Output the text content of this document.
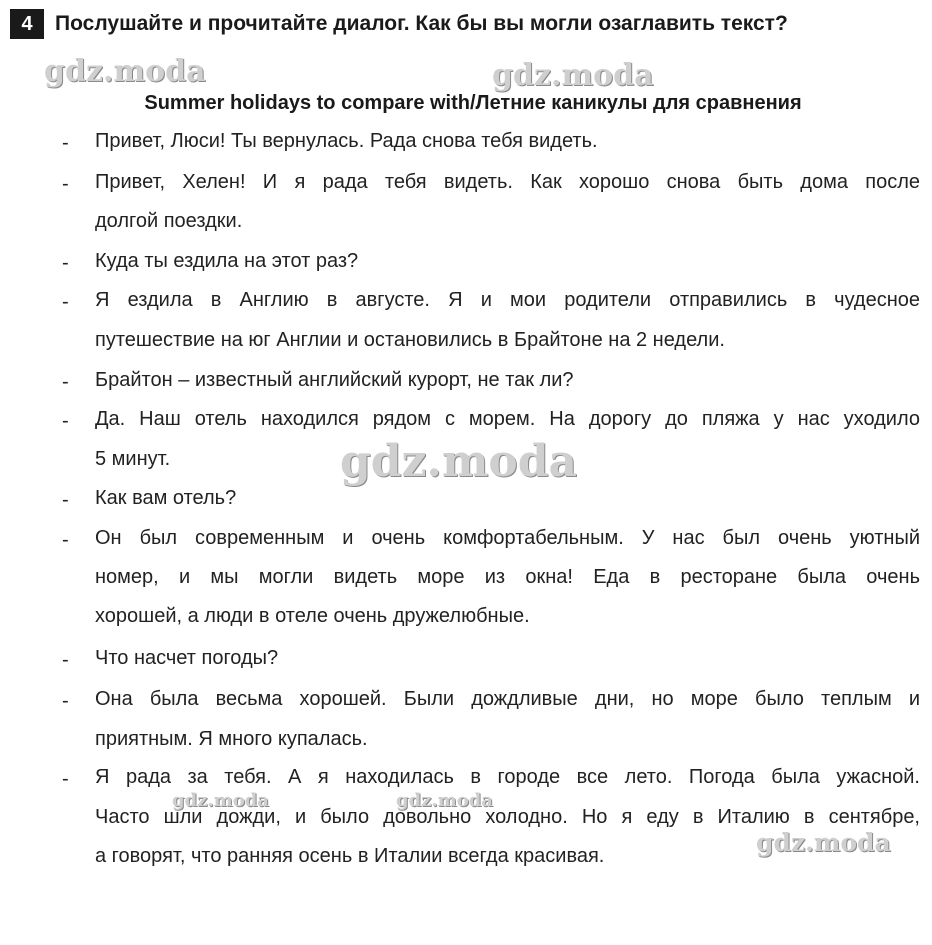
4	Послушайте и прочитайте диалог. Как бы вы могли озаглавить текст?
Summer holidays to compare with/Летние каникулы для сравнения
- Привет, Люси! Ты вернулась. Рада снова тебя видеть.
- Привет, Хелен! И я рада тебя видеть. Как хорошо снова быть дома после
долгой поездки.
- Куда ты ездила на этот раз?
- Я ездила в Англию в августе. Я и мои родители отправились в чудесное
путешествие на юг Англии и остановились в Брайтоне на 2 недели.
- Брайтон – известный английский курорт, не так ли?
- Да. Наш отель находился рядом с морем. На дорогу до пляжа у нас уходило
5 минут.
- Как вам отель?
- Он был современным и очень комфортабельным. У нас был очень уютный
номер, и мы могли видеть море из окна! Еда в ресторане была очень
хорошей, а люди в отеле очень дружелюбные.
- Что насчет погоды?
- Она была весьма хорошей. Были дождливые дни, но море было теплым и
приятным. Я много купалась.
- Я рада за тебя. А я находилась в городе все лето. Погода была ужасной.
Часто шли дожди, и было довольно холодно. Но я еду в Италию в сентябре,
а говорят, что ранняя осень в Италии всегда красивая.
gdz.moda	gdz.moda
gdz.moda
gdz.moda	gdz.moda
gdz.moda
